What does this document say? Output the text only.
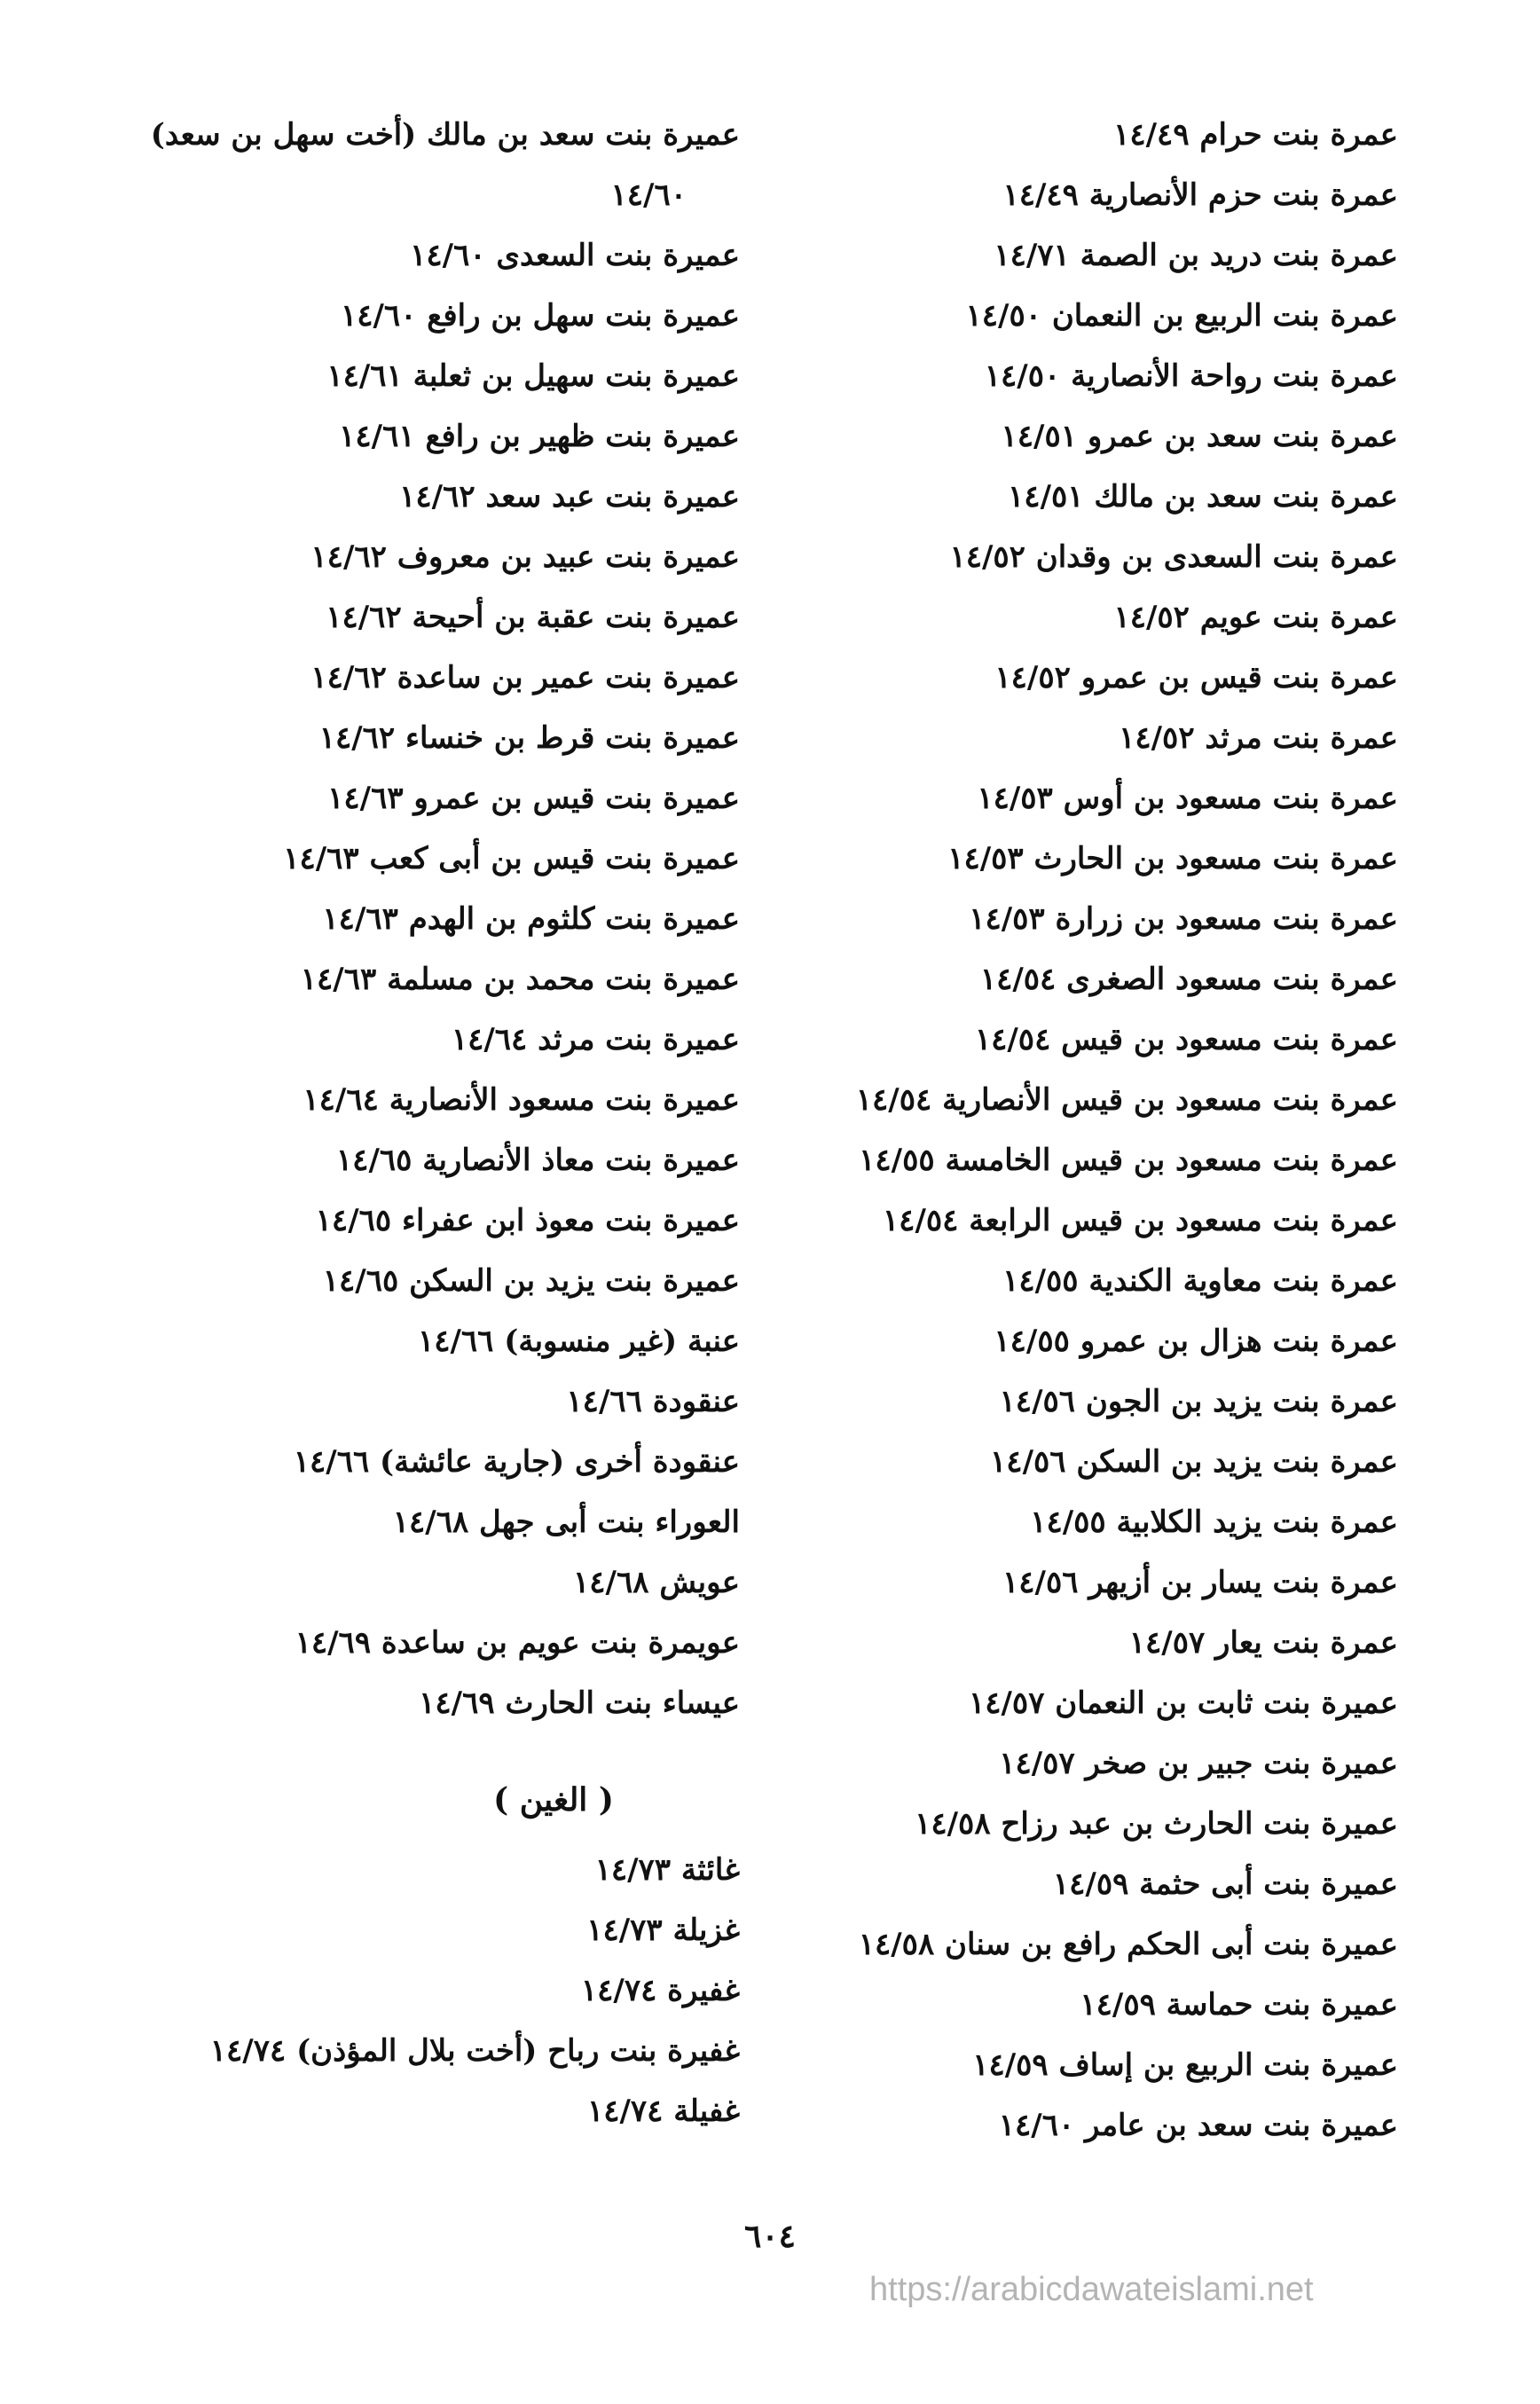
عمرة بنت حرام ١٤/٤٩
عمرة بنت حزم الأنصارية ١٤/٤٩
عمرة بنت دريد بن الصمة ١٤/٧١
عمرة بنت الربيع بن النعمان ١٤/٥٠
عمرة بنت رواحة الأنصارية ١٤/٥٠
عمرة بنت سعد بن عمرو ١٤/٥١
عمرة بنت سعد بن مالك ١٤/٥١
عمرة بنت السعدى بن وقدان ١٤/٥٢
عمرة بنت عويم ١٤/٥٢
عمرة بنت قيس بن عمرو ١٤/٥٢
عمرة بنت مرثد ١٤/٥٢
عمرة بنت مسعود بن أوس ١٤/٥٣
عمرة بنت مسعود بن الحارث ١٤/٥٣
عمرة بنت مسعود بن زرارة ١٤/٥٣
عمرة بنت مسعود الصغرى ١٤/٥٤
عمرة بنت مسعود بن قيس ١٤/٥٤
عمرة بنت مسعود بن قيس الأنصارية ١٤/٥٤
عمرة بنت مسعود بن قيس الخامسة ١٤/٥٥
عمرة بنت مسعود بن قيس الرابعة ١٤/٥٤
عمرة بنت معاوية الكندية ١٤/٥٥
عمرة بنت هزال بن عمرو ١٤/٥٥
عمرة بنت يزيد بن الجون ١٤/٥٦
عمرة بنت يزيد بن السكن ١٤/٥٦
عمرة بنت يزيد الكلابية ١٤/٥٥
عمرة بنت يسار بن أزيهر ١٤/٥٦
عمرة بنت يعار ١٤/٥٧
عميرة بنت ثابت بن النعمان ١٤/٥٧
عميرة بنت جبير بن صخر ١٤/٥٧
عميرة بنت الحارث بن عبد رزاح ١٤/٥٨
عميرة بنت أبى حثمة ١٤/٥٩
عميرة بنت أبى الحكم رافع بن سنان ١٤/٥٨
عميرة بنت حماسة ١٤/٥٩
عميرة بنت الربيع بن إساف ١٤/٥٩
عميرة بنت سعد بن عامر ١٤/٦٠
عميرة بنت سعد بن مالك (أخت سهل بن سعد)
١٤/٦٠
عميرة بنت السعدى ١٤/٦٠
عميرة بنت سهل بن رافع ١٤/٦٠
عميرة بنت سهيل بن ثعلبة ١٤/٦١
عميرة بنت ظهير بن رافع ١٤/٦١
عميرة بنت عبد سعد ١٤/٦٢
عميرة بنت عبيد بن معروف ١٤/٦٢
عميرة بنت عقبة بن أحيحة ١٤/٦٢
عميرة بنت عمير بن ساعدة ١٤/٦٢
عميرة بنت قرط بن خنساء ١٤/٦٢
عميرة بنت قيس بن عمرو ١٤/٦٣
عميرة بنت قيس بن أبى كعب ١٤/٦٣
عميرة بنت كلثوم بن الهدم ١٤/٦٣
عميرة بنت محمد بن مسلمة ١٤/٦٣
عميرة بنت مرثد ١٤/٦٤
عميرة بنت مسعود الأنصارية ١٤/٦٤
عميرة بنت معاذ الأنصارية ١٤/٦٥
عميرة بنت معوذ ابن عفراء ١٤/٦٥
عميرة بنت يزيد بن السكن ١٤/٦٥
عنبة (غير منسوبة) ١٤/٦٦
عنقودة ١٤/٦٦
عنقودة أخرى (جارية عائشة) ١٤/٦٦
العوراء بنت أبى جهل ١٤/٦٨
عويش ١٤/٦٨
عويمرة بنت عويم بن ساعدة ١٤/٦٩
عيساء بنت الحارث ١٤/٦٩
( الغين )
غائثة ١٤/٧٣
غزيلة ١٤/٧٣
غفيرة ١٤/٧٤
غفيرة بنت رباح (أخت بلال المؤذن) ١٤/٧٤
غفيلة ١٤/٧٤
٦٠٤
https://arabicdawateislami.net
